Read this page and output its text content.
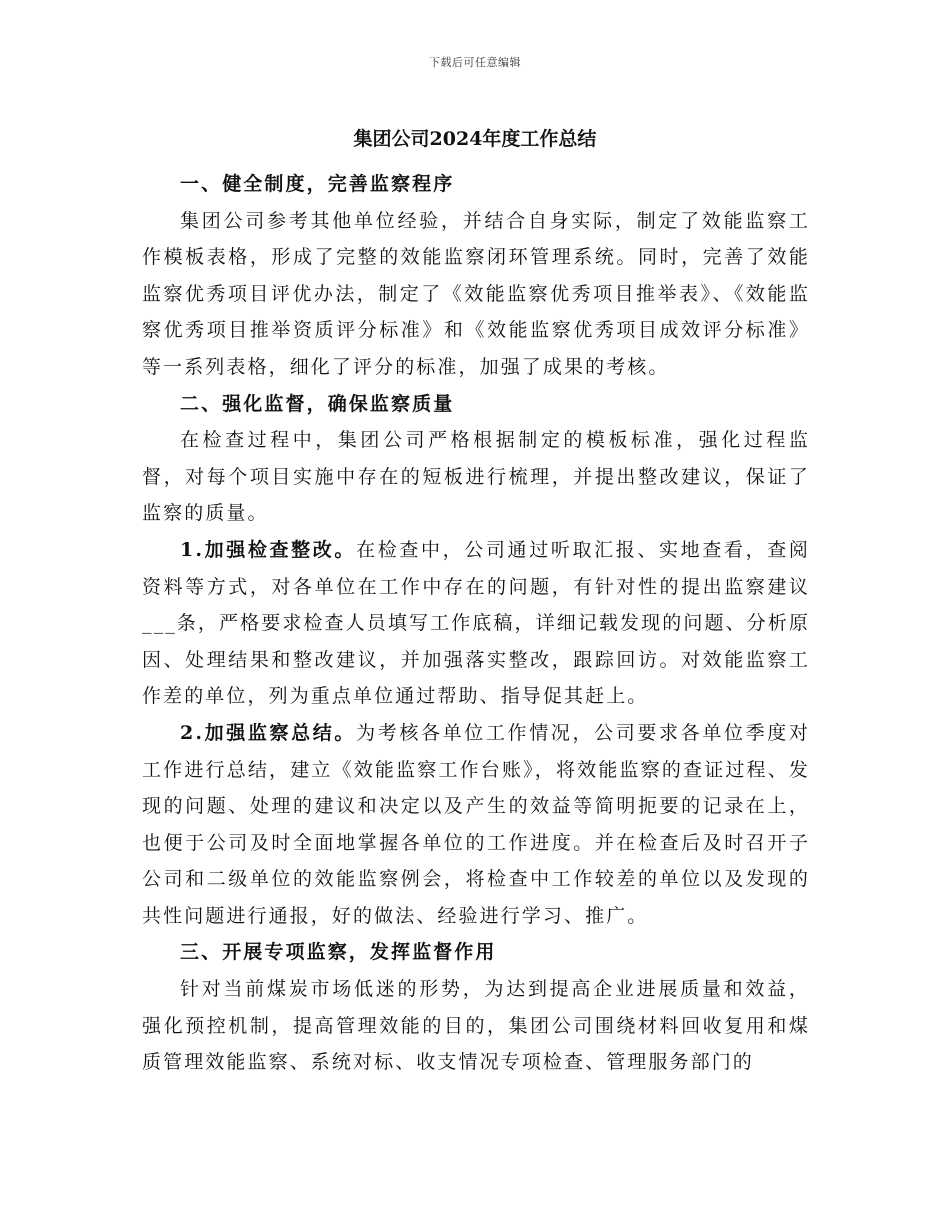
下载后可任意编辑
集团公司2024年度工作总结

一、健全制度，完善监察程序

集团公司参考其他单位经验，并结合自身实际，制定了效能监察工作模板表格，形成了完整的效能监察闭环管理系统。同时，完善了效能监察优秀项目评优办法，制定了《效能监察优秀项目推举表》、《效能监察优秀项目推举资质评分标准》和《效能监察优秀项目成效评分标准》等一系列表格，细化了评分的标准，加强了成果的考核。

二、强化监督，确保监察质量

在检查过程中，集团公司严格根据制定的模板标准，强化过程监督，对每个项目实施中存在的短板进行梳理，并提出整改建议，保证了监察的质量。

1.加强检查整改。在检查中，公司通过听取汇报、实地查看，查阅资料等方式，对各单位在工作中存在的问题，有针对性的提出监察建议___条，严格要求检查人员填写工作底稿，详细记载发现的问题、分析原因、处理结果和整改建议，并加强落实整改，跟踪回访。对效能监察工作差的单位，列为重点单位通过帮助、指导促其赶上。

2.加强监察总结。为考核各单位工作情况，公司要求各单位季度对工作进行总结，建立《效能监察工作台账》，将效能监察的查证过程、发现的问题、处理的建议和决定以及产生的效益等简明扼要的记录在上，也便于公司及时全面地掌握各单位的工作进度。并在检查后及时召开子公司和二级单位的效能监察例会，将检查中工作较差的单位以及发现的共性问题进行通报，好的做法、经验进行学习、推广。

三、开展专项监察，发挥监督作用

针对当前煤炭市场低迷的形势，为达到提高企业进展质量和效益，强化预控机制，提高管理效能的目的，集团公司围绕材料回收复用和煤质管理效能监察、系统对标、收支情况专项检查、管理服务部门的
